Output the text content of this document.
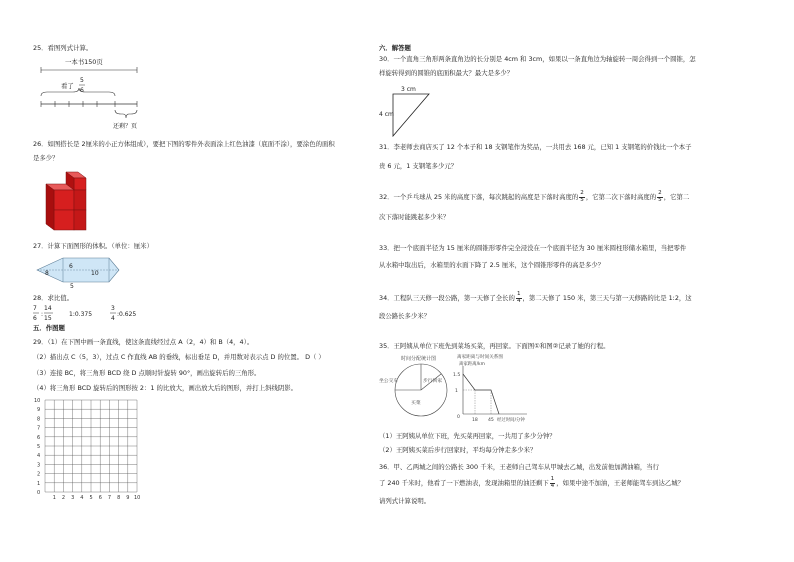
25．看图列式计算。
一本书150页
看了
5
6
还剩？页
26．如图搭长是 2厘米的小正方体组成），要把下图的零件外表面涂上红色油漆（底面不涂），要涂色的面积
是多少？
27．计算下面图形的体积。（单位：厘米）
8
6
10
5
28．求比值。
7
6
:
14
15
1:0.375
3
4
:0.625
五．作图题
29．（1）在下图中画一条直线，使这条直线经过点 A（2，4）和 B（4，4）。
（2）描出点 C（5，3），过点 C 作直线 AB 的垂线，标出垂足 D，并用数对表示点 D 的位置。 D（ ）
（3）连接 BC，将三角形 BCD 绕 D 点顺时针旋转 90°，画出旋转后的三角形。
（4）将三角形 BCD 旋转后的图形按 2：1 的比放大，画出放大后的图形，并打上斜线阴影。
10
9
8
7
6
5
4
3
2
1
0
1 2 3 4 5 6 7 8 9 10
六．解答题
30．一个直角三角形两条直角边的长分别是 4cm 和 3cm，如果以一条直角边为轴旋转一周会得到一个圆锥，怎
样旋转得到的圆锥的底面积最大？最大是多少？
3 cm
4 cm
31．李老师去商店买了 12 个本子和 18 支钢笔作为奖品，一共用去 168 元，已知 1 支钢笔的价钱比一个本子
贵 6 元，1 支钢笔多少元？
32．一个乒乓球从 25 米的高度下落，每次跳起的高度是下落时高度的 2
5 ，它第二次下落时高度的 2
5 ，它第二
次下落时能跳起多少米？
33．把一个底面半径为 15 厘米的圆锥形零件完全浸没在一个底面半径为 30 厘米圆柱形储水箱里，当把零件
从水箱中取出后，水箱里的水面下降了 2.5 厘米，这个圆锥形零件的高是多少？
34．工程队三天修一段公路，第一天修了全长的 1
4 ，第二天修了 150 米，第三天与第一天修路的比是 1:2，这
段公路长多少米？
35．王阿姨从单位下班先到菜场买菜，再回家。下面图①和图②记录了她的行程。
时间分配统计图
坐公交车	步行回家
买菜
离家距离与时间关系图
离家距离/km
1.5
1
0
18 45 经过时间/分钟
（1）王阿姨从单位下班，先买菜再回家，一共用了多少分钟？
（2）王阿姨买菜后步行回家时，平均每分钟走多少米？
36．甲、乙两城之间的公路长 300 千米，王老师自己驾车从甲城去乙城，出发前他加满油箱，当行
了 240 千米时，他看了一下燃油表，发现油箱里的油还剩下 1
4 ，如果中途不加油，王老师能驾车到达乙城？
请列式计算说明。
